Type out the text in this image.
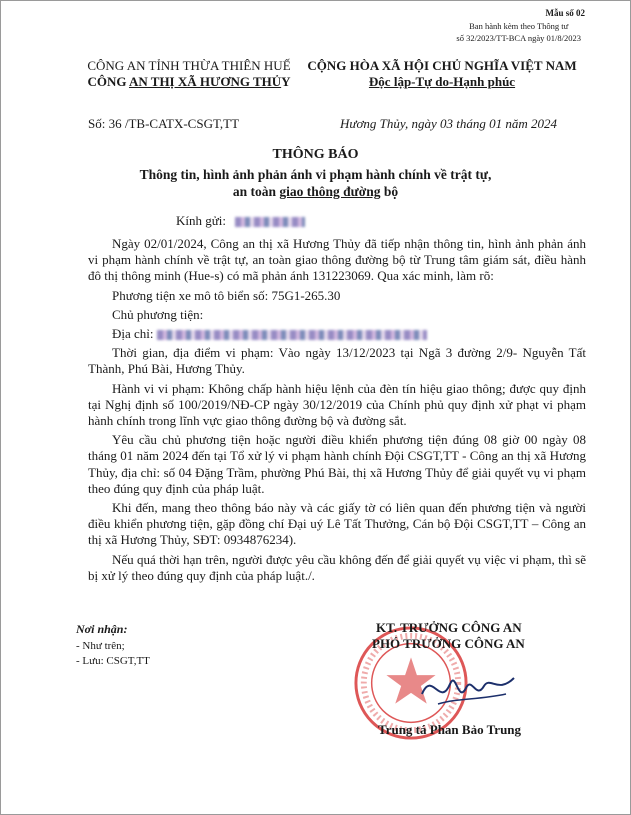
Mẫu số 02
Ban hành kèm theo Thông tư
số 32/2023/TT-BCA ngày 01/8/2023
CÔNG AN TỈNH THỪA THIÊN HUẾ
CÔNG AN THỊ XÃ HƯƠNG THỦY
CỘNG HÒA XÃ HỘI CHỦ NGHĨA VIỆT NAM
Độc lập-Tự do-Hạnh phúc
Số: 36 /TB-CATX-CSGT,TT	Hương Thủy, ngày 03 tháng 01 năm 2024
THÔNG BÁO
Thông tin, hình ảnh phản ánh vi phạm hành chính về trật tự,
an toàn giao thông đường bộ
Kính gửi:

Ngày 02/01/2024, Công an thị xã Hương Thủy đã tiếp nhận thông tin, hình ảnh phản ánh vi phạm hành chính về trật tự, an toàn giao thông đường bộ từ Trung tâm giám sát, điều hành đô thị thông minh (Hue-s) có mã phản ánh 131223069. Qua xác minh, làm rõ:

Phương tiện xe mô tô biển số: 75G1-265.30

Chủ phương tiện:

Địa chỉ:

Thời gian, địa điểm vi phạm: Vào ngày 13/12/2023 tại Ngã 3 đường 2/9- Nguyễn Tất Thành, Phú Bài, Hương Thủy.

Hành vi vi phạm: Không chấp hành hiệu lệnh của đèn tín hiệu giao thông; được quy định tại Nghị định số 100/2019/NĐ-CP ngày 30/12/2019 của Chính phủ quy định xử phạt vi phạm hành chính trong lĩnh vực giao thông đường bộ và đường sắt.

Yêu cầu chủ phương tiện hoặc người điều khiển phương tiện đúng 08 giờ 00 ngày 08 tháng 01 năm 2024 đến tại Tổ xử lý vi phạm hành chính Đội CSGT,TT - Công an thị xã Hương Thủy, địa chỉ: số 04 Đặng Trầm, phường Phú Bài, thị xã Hương Thủy để giải quyết vụ vi phạm theo đúng quy định của pháp luật.

Khi đến, mang theo thông báo này và các giấy tờ có liên quan đến phương tiện và người điều khiển phương tiện, gặp đồng chí Đại uý Lê Tất Thưởng, Cán bộ Đội CSGT,TT – Công an thị xã Hương Thủy, SĐT: 0934876234).

Nếu quá thời hạn trên, người được yêu cầu không đến để giải quyết vụ việc vi phạm, thì sẽ bị xử lý theo đúng quy định của pháp luật./.

Nơi nhận:
- Như trên;
- Lưu: CSGT,TT
KT. TRƯỞNG CÔNG AN
PHÓ TRƯỞNG CÔNG AN
Trung tá Phan Bảo Trung
